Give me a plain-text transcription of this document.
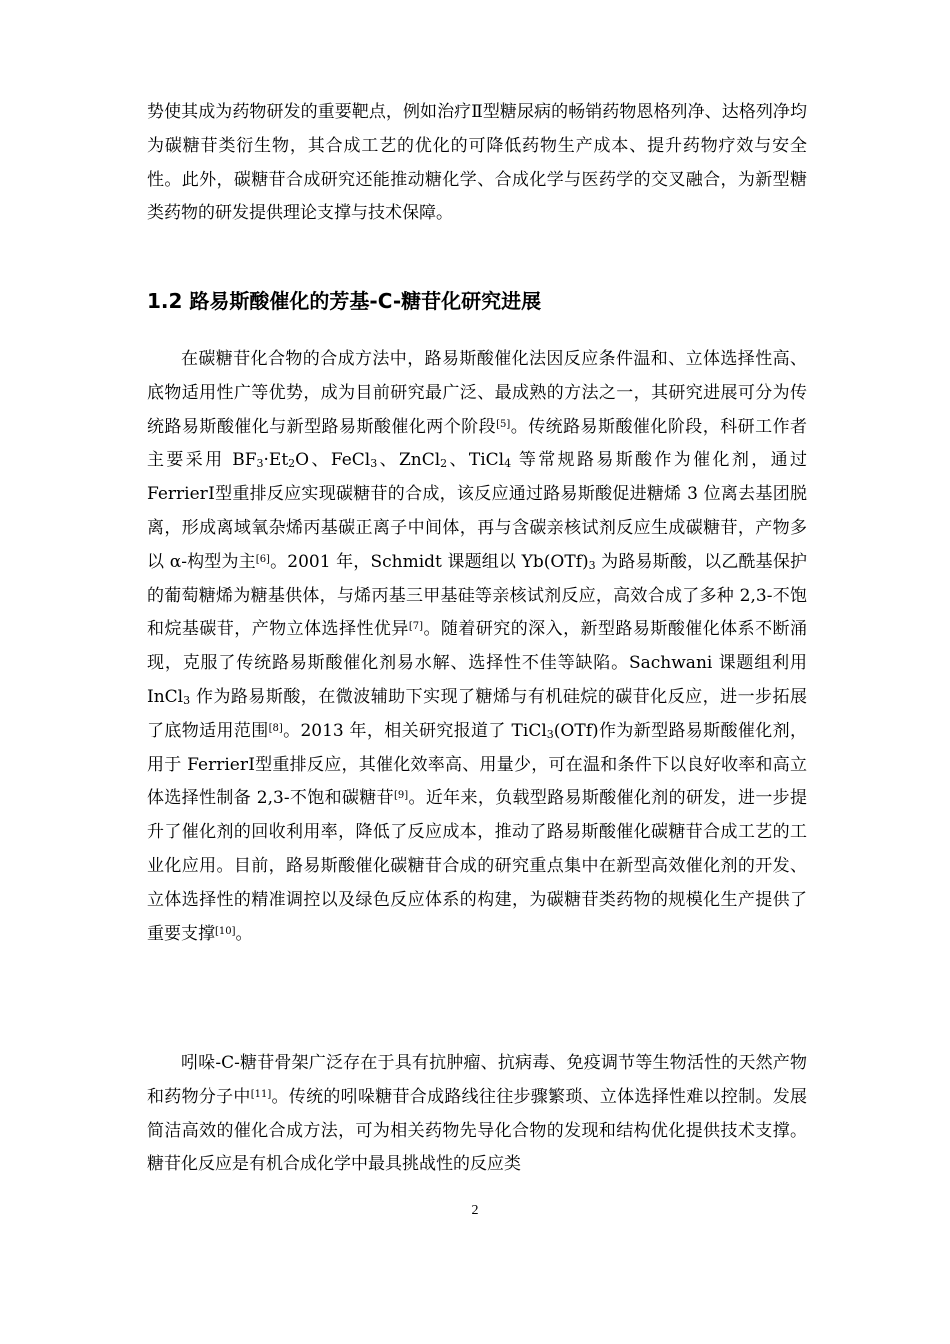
势使其成为药物研发的重要靶点，例如治疗Ⅱ型糖尿病的畅销药物恩格列净、达格列净均为碳糖苷类衍生物，其合成工艺的优化的可降低药物生产成本、提升药物疗效与安全性。此外，碳糖苷合成研究还能推动糖化学、合成化学与医药学的交叉融合，为新型糖类药物的研发提供理论支撑与技术保障。
1.2 路易斯酸催化的芳基-C-糖苷化研究进展
在碳糖苷化合物的合成方法中，路易斯酸催化法因反应条件温和、立体选择性高、底物适用性广等优势，成为目前研究最广泛、最成熟的方法之一，其研究进展可分为传统路易斯酸催化与新型路易斯酸催化两个阶段[5]。传统路易斯酸催化阶段，科研工作者主要采用 $BF_3\cdot Et_2O$、FeCl$_3$、ZnCl$_2$、TiCl$_4$ 等常规路易斯酸作为催化剂，通过 FerrierⅠ型重排反应实现碳糖苷的合成，该反应通过路易斯酸促进糖烯 3 位离去基团脱离，形成离域氧杂烯丙基碳正离子中间体，再与含碳亲核试剂反应生成碳糖苷，产物多以 α-构型为主[6]。2001 年，Schmidt 课题组以 $Yb(OTf)_3$ 为路易斯酸，以乙酰基保护的葡萄糖烯为糖基供体，与烯丙基三甲基硅等亲核试剂反应，高效合成了多种 2,3-不饱和烷基碳苷，产物立体选择性优异[7]。随着研究的深入，新型路易斯酸催化体系不断涌现，克服了传统路易斯酸催化剂易水解、选择性不佳等缺陷。Sachwani 课题组利用 InCl$_3$ 作为路易斯酸，在微波辅助下实现了糖烯与有机硅烷的碳苷化反应，进一步拓展了底物适用范围[8]。2013 年，相关研究报道了 TiCl$_3$(OTf)作为新型路易斯酸催化剂，用于 FerrierⅠ型重排反应，其催化效率高、用量少，可在温和条件下以良好收率和高立体选择性制备 2,3-不饱和碳糖苷[9]。近年来，负载型路易斯酸催化剂的研发，进一步提升了催化剂的回收利用率，降低了反应成本，推动了路易斯酸催化碳糖苷合成工艺的工业化应用。目前，路易斯酸催化碳糖苷合成的研究重点集中在新型高效催化剂的开发、立体选择性的精准调控以及绿色反应体系的构建，为碳糖苷类药物的规模化生产提供了重要支撑[10]。
吲哚-C-糖苷骨架广泛存在于具有抗肿瘤、抗病毒、免疫调节等生物活性的天然产物和药物分子中[11]。传统的吲哚糖苷合成路线往往步骤繁琐、立体选择性难以控制。发展简洁高效的催化合成方法，可为相关药物先导化合物的发现和结构优化提供技术支撑。糖苷化反应是有机合成化学中最具挑战性的反应类
2
